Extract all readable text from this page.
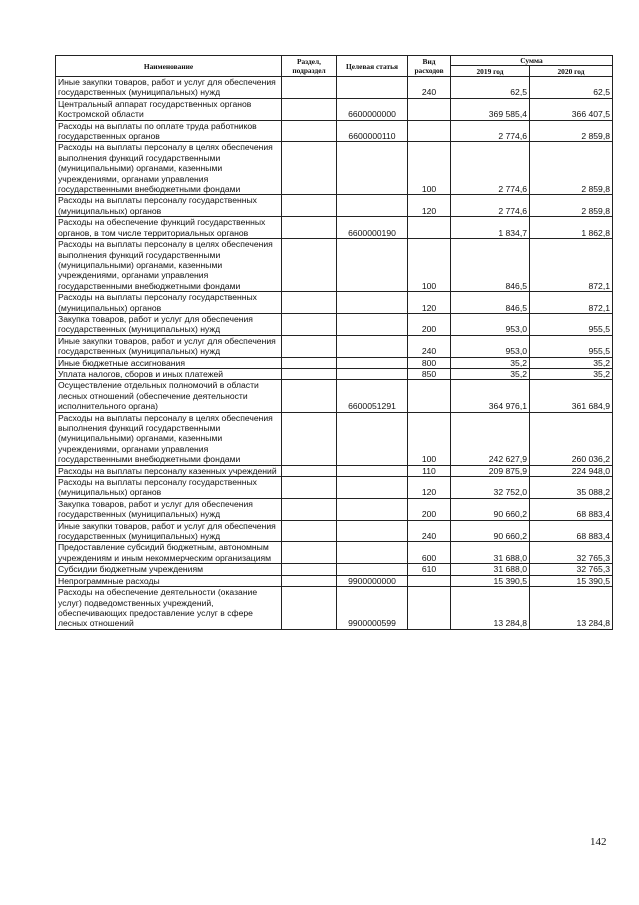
Наименование	Раздел, подраздел	Целевая статья	Вид расходов	Сумма	
				2019 год	2020 год
Иные закупки товаров, работ и услуг для обеспечения государственных (муниципальных) нужд			240	62,5	62,5
Центральный аппарат государственных органов Костромской области		6600000000		369 585,4	366 407,5
Расходы на выплаты по оплате труда работников государственных органов		6600000110		2 774,6	2 859,8
Расходы на выплаты персоналу в целях обеспечения выполнения функций государственными (муниципальными) органами, казенными учреждениями, органами управления государственными внебюджетными фондами			100	2 774,6	2 859,8
Расходы на выплаты персоналу государственных (муниципальных) органов			120	2 774,6	2 859,8
Расходы на обеспечение функций государственных органов, в том числе территориальных органов		6600000190		1 834,7	1 862,8
Расходы на выплаты персоналу в целях обеспечения выполнения функций государственными (муниципальными) органами, казенными учреждениями, органами управления государственными внебюджетными фондами			100	846,5	872,1
Расходы на выплаты персоналу государственных (муниципальных) органов			120	846,5	872,1
Закупка товаров, работ и услуг для обеспечения государственных (муниципальных) нужд			200	953,0	955,5
Иные закупки товаров, работ и услуг для обеспечения государственных (муниципальных) нужд			240	953,0	955,5
Иные бюджетные ассигнования			800	35,2	35,2
Уплата налогов, сборов и иных платежей			850	35,2	35,2
Осуществление отдельных полномочий в области лесных отношений (обеспечение деятельности исполнительного органа)		6600051291		364 976,1	361 684,9
Расходы на выплаты персоналу в целях обеспечения выполнения функций государственными (муниципальными) органами, казенными учреждениями, органами управления государственными внебюджетными фондами			100	242 627,9	260 036,2
Расходы на выплаты персоналу казенных учреждений			110	209 875,9	224 948,0
Расходы на выплаты персоналу государственных (муниципальных) органов			120	32 752,0	35 088,2
Закупка товаров, работ и услуг для обеспечения государственных (муниципальных) нужд			200	90 660,2	68 883,4
Иные закупки товаров, работ и услуг для обеспечения государственных (муниципальных) нужд			240	90 660,2	68 883,4
Предоставление субсидий бюджетным, автономным учреждениям и иным некоммерческим организациям			600	31 688,0	32 765,3
Субсидии бюджетным учреждениям			610	31 688,0	32 765,3
Непрограммные расходы		9900000000		15 390,5	15 390,5
Расходы на обеспечение деятельности (оказание услуг) подведомственных учреждений, обеспечивающих предоставление услуг в сфере лесных отношений		9900000599		13 284,8	13 284,8
142
